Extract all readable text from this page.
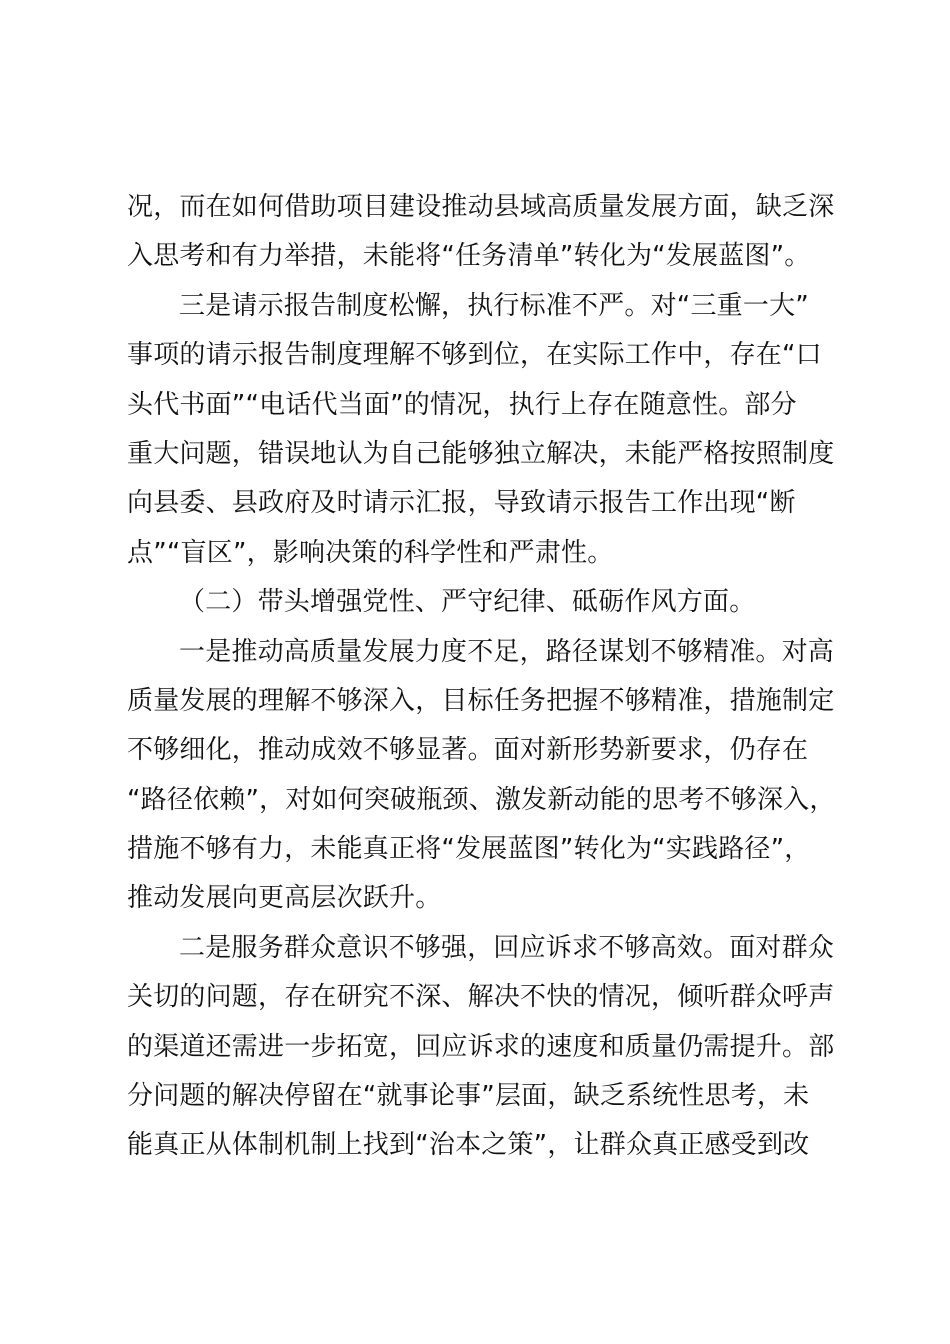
况，而在如何借助项目建设推动县域高质量发展方面，缺乏深
入思考和有力举措，未能将“任务清单”转化为“发展蓝图”。
三是请示报告制度松懈，执行标准不严。对“三重一大”
事项的请示报告制度理解不够到位，在实际工作中，存在“口
头代书面”“电话代当面”的情况，执行上存在随意性。部分
重大问题，错误地认为自己能够独立解决，未能严格按照制度
向县委、县政府及时请示汇报，导致请示报告工作出现“断
点”“盲区”，影响决策的科学性和严肃性。
（二）带头增强党性、严守纪律、砥砺作风方面。
一是推动高质量发展力度不足，路径谋划不够精准。对高
质量发展的理解不够深入，目标任务把握不够精准，措施制定
不够细化，推动成效不够显著。面对新形势新要求，仍存在
“路径依赖”，对如何突破瓶颈、激发新动能的思考不够深入，
措施不够有力，未能真正将“发展蓝图”转化为“实践路径”，
推动发展向更高层次跃升。
二是服务群众意识不够强，回应诉求不够高效。面对群众
关切的问题，存在研究不深、解决不快的情况，倾听群众呼声
的渠道还需进一步拓宽，回应诉求的速度和质量仍需提升。部
分问题的解决停留在“就事论事”层面，缺乏系统性思考，未
能真正从体制机制上找到“治本之策”，让群众真正感受到改
